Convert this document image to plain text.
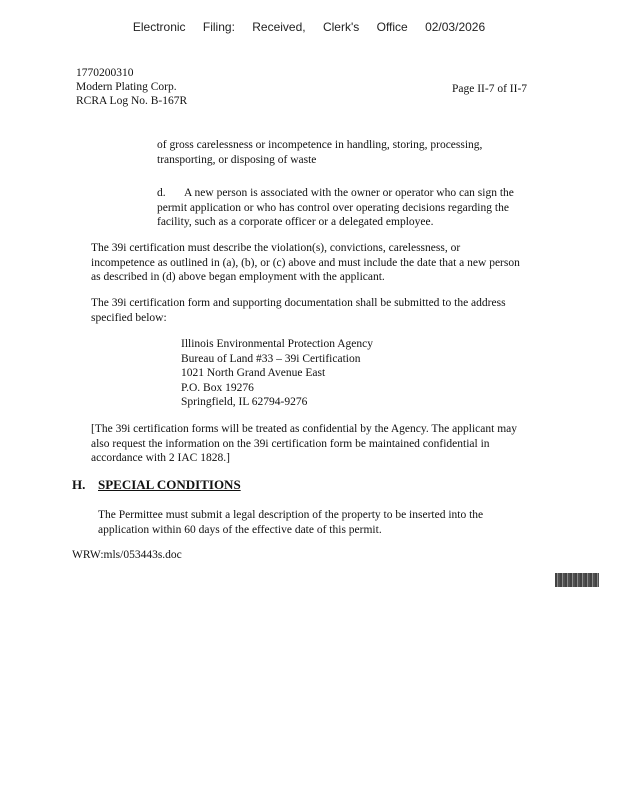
Electronic Filing: Received, Clerk's Office 02/03/2026
1770200310
Modern Plating Corp.
RCRA Log No. B-167R
Page II-7 of II-7
of gross carelessness or incompetence in handling, storing, processing,
transporting, or disposing of waste
d.	A new person is associated with the owner or operator who can sign the
permit application or who has control over operating decisions regarding the
facility, such as a corporate officer or a delegated employee.
The 39i certification must describe the violation(s), convictions, carelessness, or
incompetence as outlined in (a), (b), or (c) above and must include the date that a new person
as described in (d) above began employment with the applicant.
The 39i certification form and supporting documentation shall be submitted to the address
specified below:
Illinois Environmental Protection Agency
Bureau of Land #33 – 39i Certification
1021 North Grand Avenue East
P.O. Box 19276
Springfield, IL 62794-9276
[The 39i certification forms will be treated as confidential by the Agency. The applicant may
also request the information on the 39i certification form be maintained confidential in
accordance with 2 IAC 1828.]
H. SPECIAL CONDITIONS
The Permittee must submit a legal description of the property to be inserted into the
application within 60 days of the effective date of this permit.
WRW:mls/053443s.doc
